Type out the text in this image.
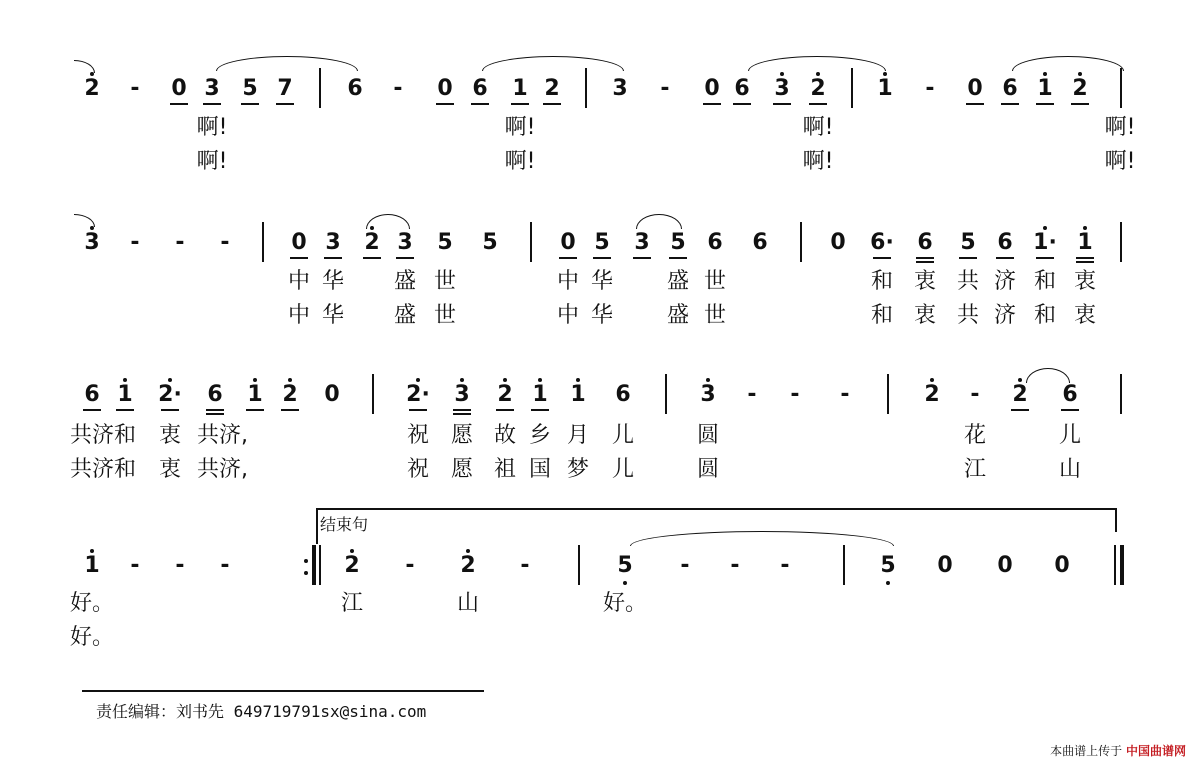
2	-	0 3 5 7 6	-	0 6 1 2 3	-	0 6 3 2 1	-	0 6 1 2
啊!	啊!	啊!	啊!
啊!	啊!	啊!	啊!
3	-	-	-	0 3 2 3 5 5	0 5 3 5 6 6	0 6· 6 5 6 1· 1
中 华	盛 世	中 华	盛 世	和 衷 共 济 和 衷
中 华	盛 世	中 华	盛 世	和 衷 共 济 和 衷
6 1 2· 6 1 2 0	2· 3 2 1 1 6	3	-	-	-	2	-	2 6
共济 和	衷 共济,	祝 愿 故 乡 月	儿	圆	花	儿
共济 和	衷 共济,	祝 愿 祖 国 梦	儿	圆	江	山
1	-	-	-	2	-	2	-	5	-	-	-	5 0 0 0
好。	江	山	好。
好。
结束句
责任编辑：刘书先 649719791sx@sina.com
本曲谱上传于 中国曲谱网
